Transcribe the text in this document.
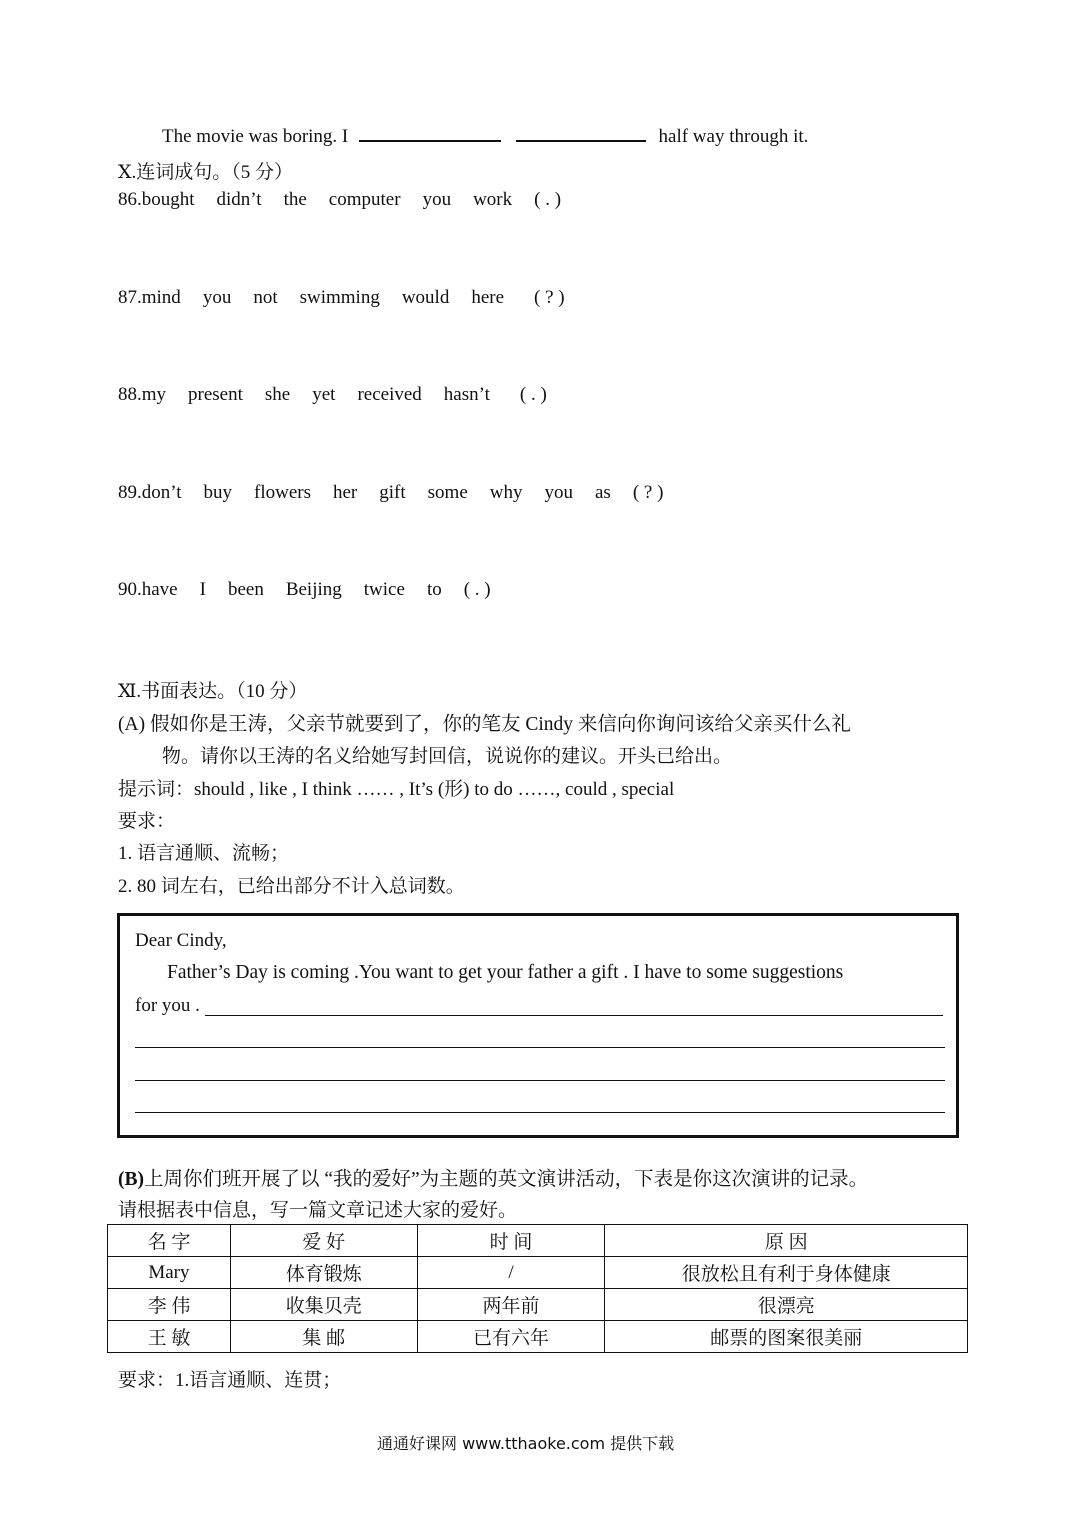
The movie was boring. I	half way through it.
Ⅹ.连词成句。（5 分）
86.bought didn’t the computer you work ( . )
87.mind you not swimming would here ( ? )
88.my present she yet received hasn’t ( . )
89.don’t buy flowers her gift some why you as ( ? )
90.have I been Beijing twice to ( . )
Ⅺ.书面表达。（10 分）
(A) 假如你是王涛，父亲节就要到了，你的笔友 Cindy 来信向你询问该给父亲买什么礼
物。请你以王涛的名义给她写封回信，说说你的建议。开头已给出。
提示词：should , like , I think …… , It’s (形) to do ……, could , special
要求：
1. 语言通顺、流畅；
2. 80 词左右，已给出部分不计入总词数。
Dear Cindy,
Father’s Day is coming .You want to get your father a gift . I have to some suggestions
for you .
(B)上周你们班开展了以 “我的爱好”为主题的英文演讲活动，下表是你这次演讲的记录。
请根据表中信息，写一篇文章记述大家的爱好。
名 字	爱 好	时 间	原 因
Mary	体育锻炼	/	很放松且有利于身体健康
李 伟	收集贝壳	两年前	很漂亮
王 敏	集 邮	已有六年	邮票的图案很美丽
要求：1.语言通顺、连贯；
通通好课网 www.tthaoke.com 提供下载
